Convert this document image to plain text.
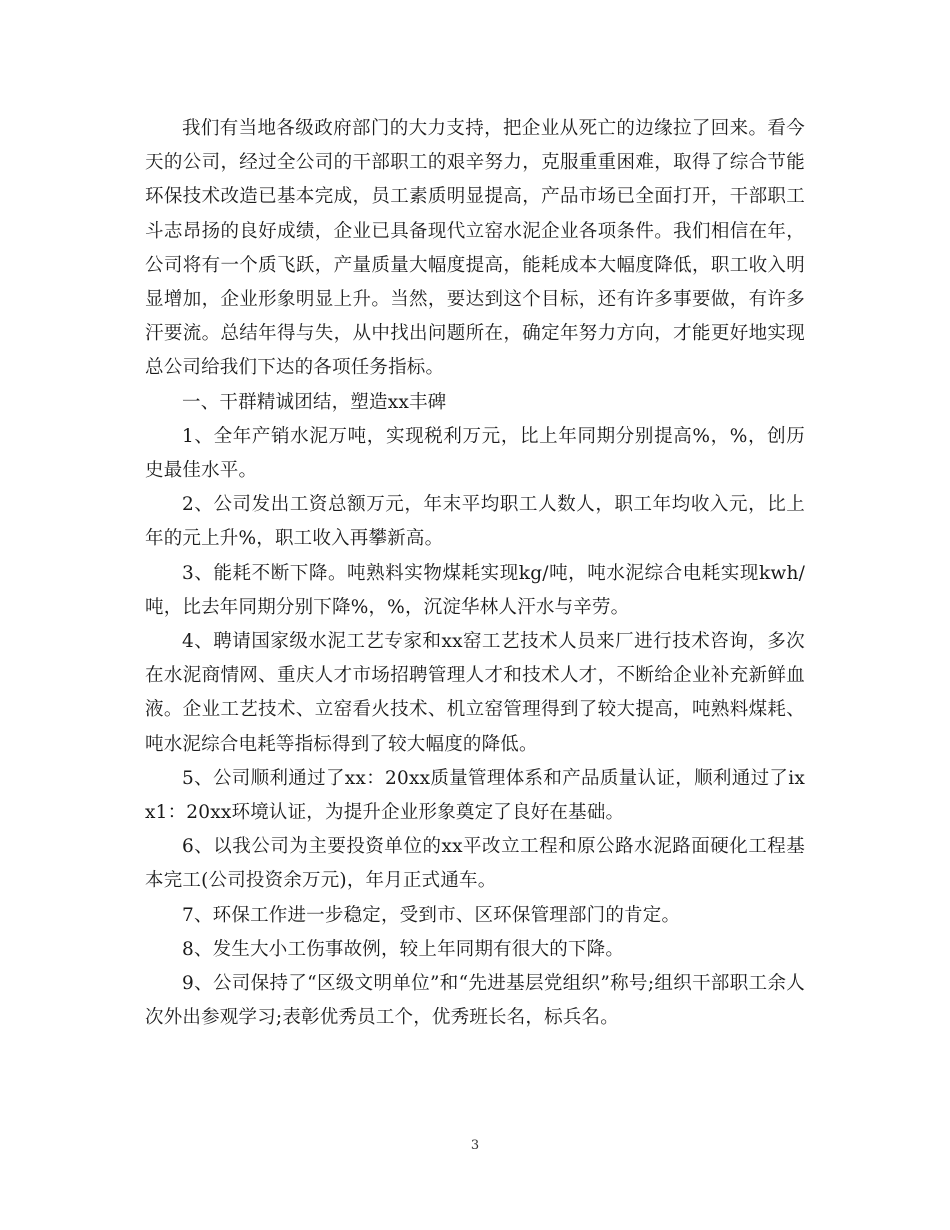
我们有当地各级政府部门的大力支持，把企业从死亡的边缘拉了回来。看今天的公司，经过全公司的干部职工的艰辛努力，克服重重困难，取得了综合节能环保技术改造已基本完成，员工素质明显提高，产品市场已全面打开，干部职工斗志昂扬的良好成绩，企业已具备现代立窑水泥企业各项条件。我们相信在年，公司将有一个质飞跃，产量质量大幅度提高，能耗成本大幅度降低，职工收入明显增加，企业形象明显上升。当然，要达到这个目标，还有许多事要做，有许多汗要流。总结年得与失，从中找出问题所在，确定年努力方向，才能更好地实现总公司给我们下达的各项任务指标。

一、干群精诚团结，塑造xx丰碑

1、全年产销水泥万吨，实现税利万元，比上年同期分别提高%，%，创历史最佳水平。

2、公司发出工资总额万元，年末平均职工人数人，职工年均收入元，比上年的元上升%，职工收入再攀新高。

3、能耗不断下降。吨熟料实物煤耗实现kg/吨，吨水泥综合电耗实现kwh/吨，比去年同期分别下降%，%，沉淀华林人汗水与辛劳。

4、聘请国家级水泥工艺专家和xx窑工艺技术人员来厂进行技术咨询，多次在水泥商情网、重庆人才市场招聘管理人才和技术人才，不断给企业补充新鲜血液。企业工艺技术、立窑看火技术、机立窑管理得到了较大提高，吨熟料煤耗、吨水泥综合电耗等指标得到了较大幅度的降低。

5、公司顺利通过了xx：20xx质量管理体系和产品质量认证，顺利通过了ixx1：20xx环境认证，为提升企业形象奠定了良好在基础。

6、以我公司为主要投资单位的xx平改立工程和原公路水泥路面硬化工程基本完工(公司投资余万元)，年月正式通车。

7、环保工作进一步稳定，受到市、区环保管理部门的肯定。

8、发生大小工伤事故例，较上年同期有很大的下降。

9、公司保持了“区级文明单位”和“先进基层党组织”称号;组织干部职工余人次外出参观学习;表彰优秀员工个，优秀班长名，标兵名。

3
